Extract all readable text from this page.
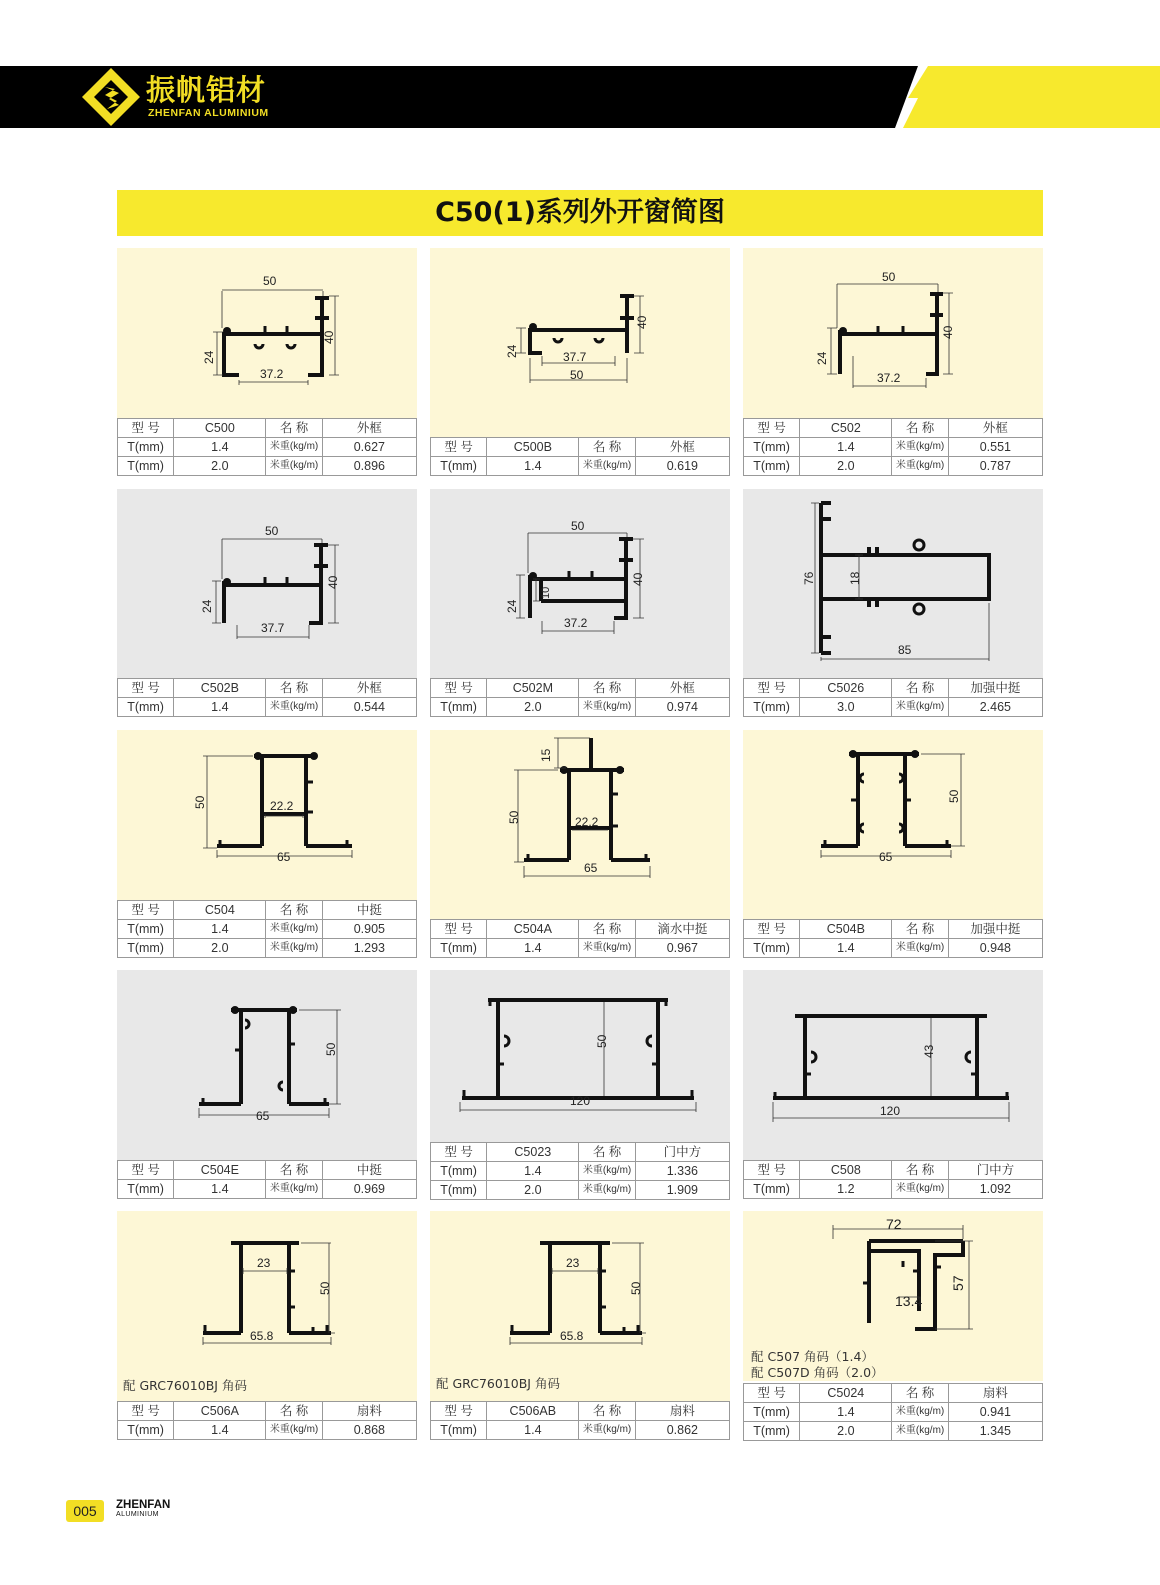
振帆铝材
ZHENFAN ALUMINIUM
C50(1)系列外开窗简图
50
40
24
37.2
型 号	C500	名 称	外框
T(mm)	1.4	米重(kg/m)	0.627
T(mm)	2.0	米重(kg/m)	0.896
40
24	37.7
50
型 号	C500B	名 称	外框
T(mm)	1.4	米重(kg/m)	0.619
50
40
24
37.2
型 号	C502	名 称	外框
T(mm)	1.4	米重(kg/m)	0.551
T(mm)	2.0	米重(kg/m)	0.787
50
40
24
37.7
型 号	C502B	名 称	外框
T(mm)	1.4	米重(kg/m)	0.544
50
40
24
10
37.2
型 号	C502M	名 称	外框
T(mm)	2.0	米重(kg/m)	0.974
76	18
85
型 号	C5026	名 称	加强中挺
T(mm)	3.0	米重(kg/m)	2.465
50	22.2
65
型 号	C504	名 称	中挺
T(mm)	1.4	米重(kg/m)	0.905
T(mm)	2.0	米重(kg/m)	1.293
15
50	22.2
65
型 号	C504A	名 称	滴水中挺
T(mm)	1.4	米重(kg/m)	0.967
50
65
型 号	C504B	名 称	加强中挺
T(mm)	1.4	米重(kg/m)	0.948
50
65
型 号	C504E	名 称	中挺
T(mm)	1.4	米重(kg/m)	0.969
50
120
型 号	C5023	名 称	门中方
T(mm)	1.4	米重(kg/m)	1.336
T(mm)	2.0	米重(kg/m)	1.909
43
120
型 号	C508	名 称	门中方
T(mm)	1.2	米重(kg/m)	1.092
23
50
65.8
配 GRC76010BJ 角码
型 号	C506A	名 称	扇料
T(mm)	1.4	米重(kg/m)	0.868
23
50
65.8
配 GRC76010BJ 角码
型 号	C506AB	名 称	扇料
T(mm)	1.4	米重(kg/m)	0.862
72
57
13.4
配 C507 角码（1.4）
配 C507D 角码（2.0）
型 号	C5024	名 称	扇料
T(mm)	1.4	米重(kg/m)	0.941
T(mm)	2.0	米重(kg/m)	1.345
005	ZHENFAN
ALUMINIUM
